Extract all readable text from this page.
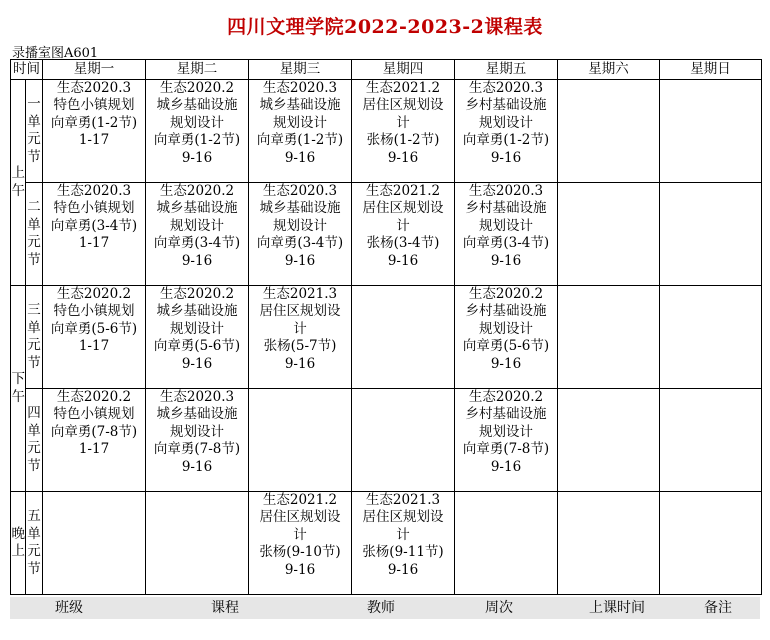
四川文理学院2022-2023-2课程表
录播室图A601
时间		星期一	星期二	星期三	星期四	星期五	星期六	星期日

上午	一单元节	生态2020.3
特色小镇规划
向章勇(1-2节)
1-17	生态2020.2
城乡基础设施
规划设计
向章勇(1-2节)
9-16	生态2020.3
城乡基础设施
规划设计
向章勇(1-2节)
9-16	生态2021.2
居住区规划设
计
张杨(1-2节)
9-16	生态2020.3
乡村基础设施
规划设计
向章勇(1-2节)
9-16		

	二单元节	生态2020.3
特色小镇规划
向章勇(3-4节)
1-17	生态2020.2
城乡基础设施
规划设计
向章勇(3-4节)
9-16	生态2020.3
城乡基础设施
规划设计
向章勇(3-4节)
9-16	生态2021.2
居住区规划设
计
张杨(3-4节)
9-16	生态2020.3
乡村基础设施
规划设计
向章勇(3-4节)
9-16		

下午	三单元节	生态2020.2
特色小镇规划
向章勇(5-6节)
1-17	生态2020.2
城乡基础设施
规划设计
向章勇(5-6节)
9-16	生态2021.3
居住区规划设
计
张杨(5-7节)
9-16		生态2020.2
乡村基础设施
规划设计
向章勇(5-6节)
9-16		

	四单元节	生态2020.2
特色小镇规划
向章勇(7-8节)
1-17	生态2020.3
城乡基础设施
规划设计
向章勇(7-8节)
9-16			生态2020.2
乡村基础设施
规划设计
向章勇(7-8节)
9-16		

晚上	五单元节			生态2021.2
居住区规划设
计
张杨(9-10节)
9-16	生态2021.3
居住区规划设
计
张杨(9-11节)
9-16			

班级	课程	教师	周次	上课时间	备注
